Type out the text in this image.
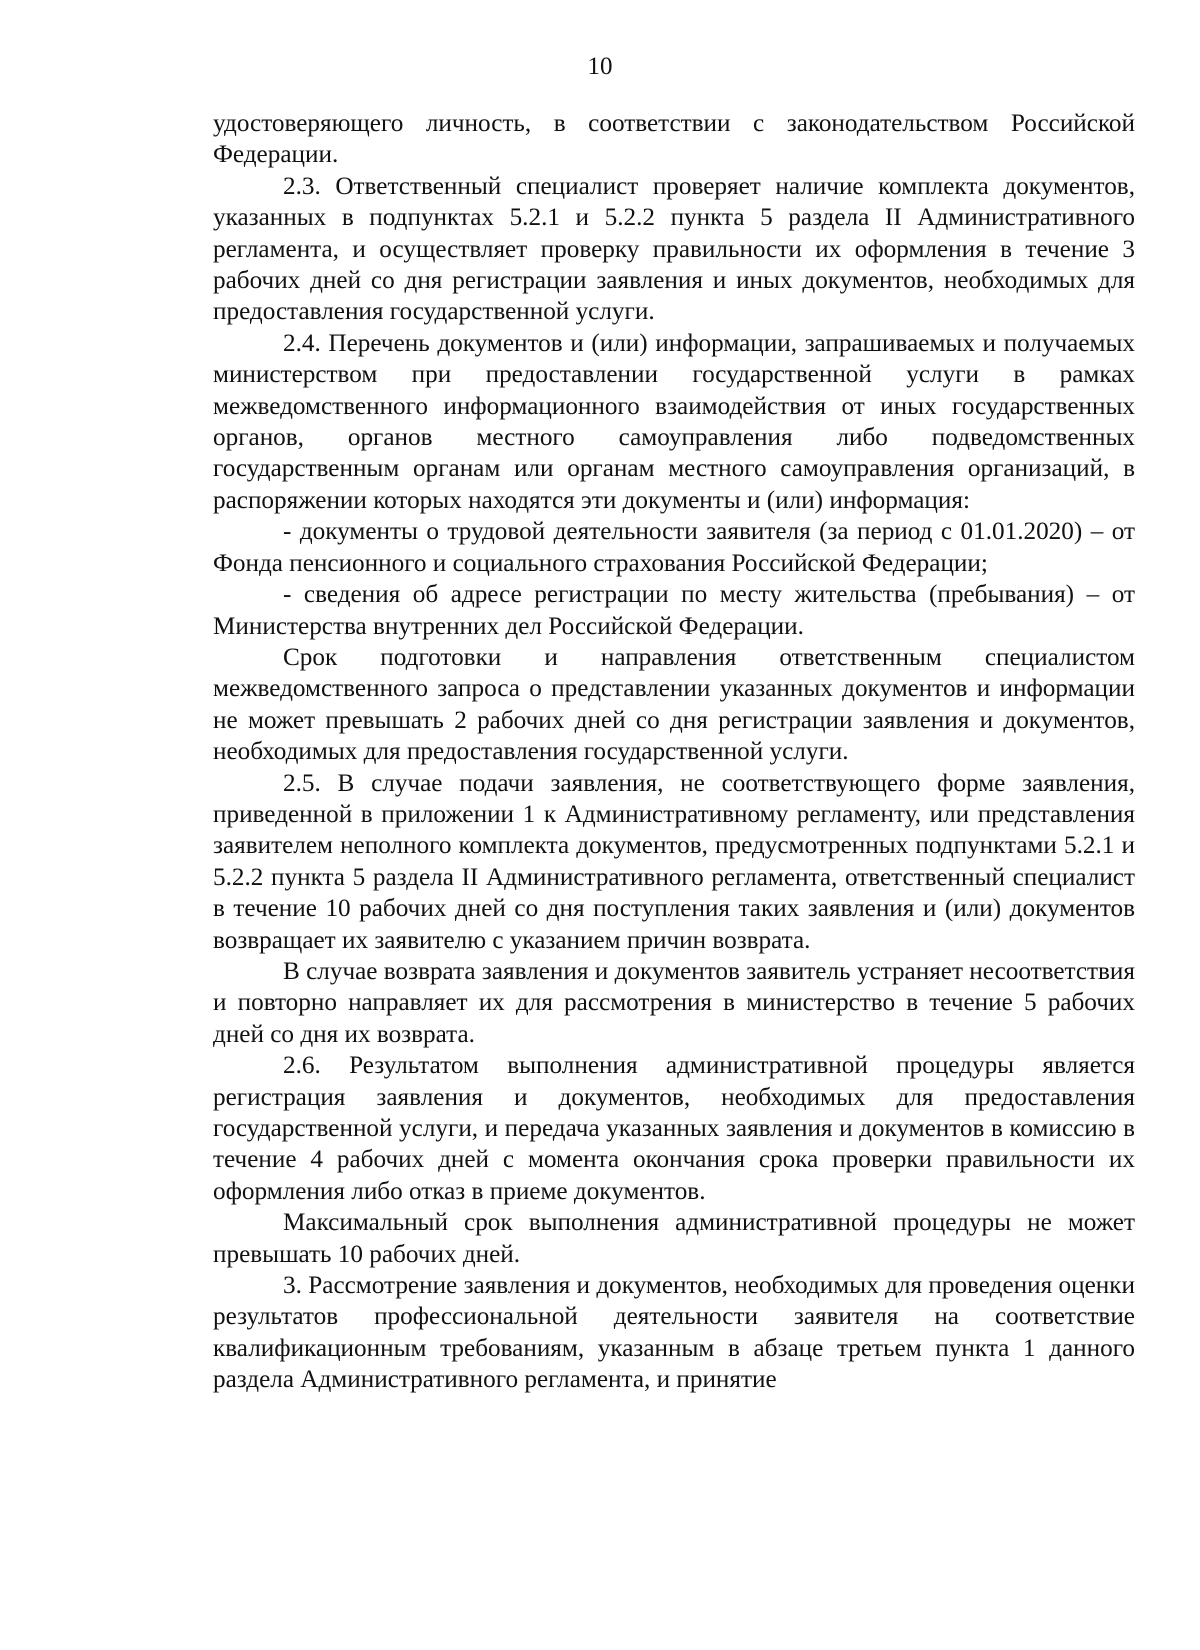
10

удостоверяющего личность, в соответствии с законодательством Российской Федерации.

2.3. Ответственный специалист проверяет наличие комплекта документов, указанных в подпунктах 5.2.1 и 5.2.2 пункта 5 раздела II Административного регламента, и осуществляет проверку правильности их оформления в течение 3 рабочих дней со дня регистрации заявления и иных документов, необходимых для предоставления государственной услуги.

2.4. Перечень документов и (или) информации, запрашиваемых и получаемых министерством при предоставлении государственной услуги в рамках межведомственного информационного взаимодействия от иных государственных органов, органов местного самоуправления либо подведомственных государственным органам или органам местного самоуправления организаций, в распоряжении которых находятся эти документы и (или) информация:

- документы о трудовой деятельности заявителя (за период с 01.01.2020) – от Фонда пенсионного и социального страхования Российской Федерации;

- сведения об адресе регистрации по месту жительства (пребывания) – от Министерства внутренних дел Российской Федерации.

Срок подготовки и направления ответственным специалистом межведомственного запроса о представлении указанных документов и информации не может превышать 2 рабочих дней со дня регистрации заявления и документов, необходимых для предоставления государственной услуги.

2.5. В случае подачи заявления, не соответствующего форме заявления, приведенной в приложении 1 к Административному регламенту, или представления заявителем неполного комплекта документов, предусмотренных подпунктами 5.2.1 и 5.2.2 пункта 5 раздела II Административного регламента, ответственный специалист в течение 10 рабочих дней со дня поступления таких заявления и (или) документов возвращает их заявителю с указанием причин возврата.

В случае возврата заявления и документов заявитель устраняет несоответствия и повторно направляет их для рассмотрения в министерство в течение 5 рабочих дней со дня их возврата.

2.6. Результатом выполнения административной процедуры является регистрация заявления и документов, необходимых для предоставления государственной услуги, и передача указанных заявления и документов в комиссию в течение 4 рабочих дней с момента окончания срока проверки правильности их оформления либо отказ в приеме документов.

Максимальный срок выполнения административной процедуры не может превышать 10 рабочих дней.

3. Рассмотрение заявления и документов, необходимых для проведения оценки результатов профессиональной деятельности заявителя на соответствие квалификационным требованиям, указанным в абзаце третьем пункта 1 данного раздела Административного регламента, и принятие
